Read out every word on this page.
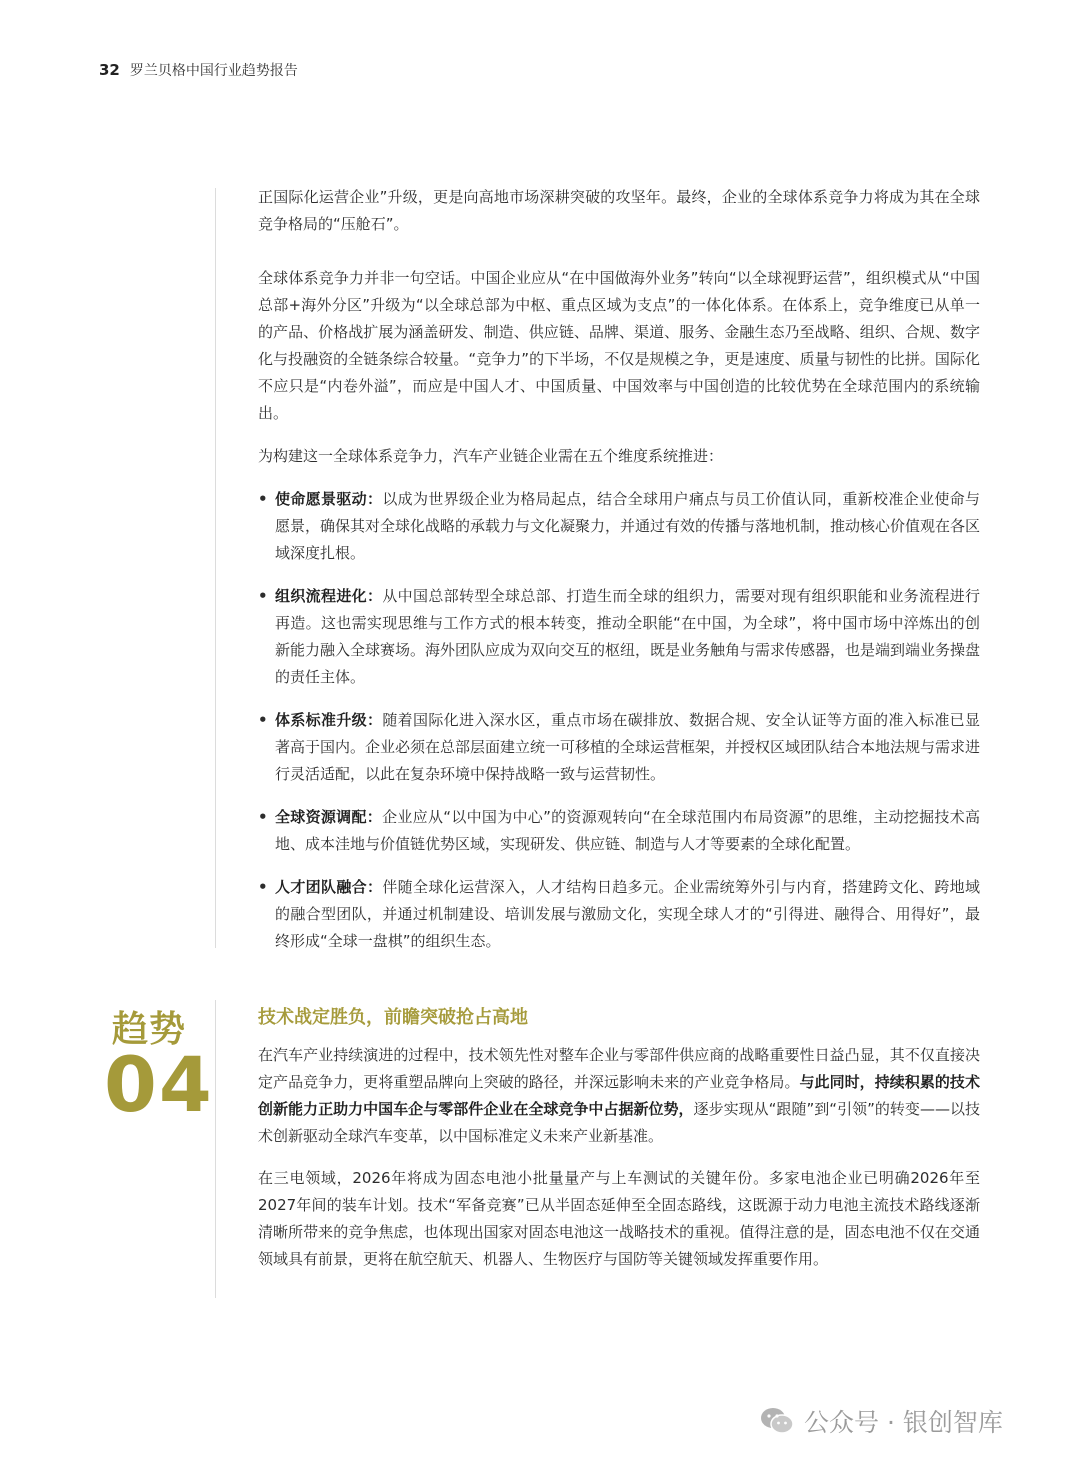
32 罗兰贝格中国行业趋势报告

正国际化运营企业”升级，更是向高地市场深耕突破的攻坚年。最终，企业的全球体系竞争力将成为其在全球竞争格局的“压舱石”。

全球体系竞争力并非一句空话。中国企业应从“在中国做海外业务”转向“以全球视野运营”，组织模式从“中国总部+海外分区”升级为“以全球总部为中枢、重点区域为支点”的一体化体系。在体系上，竞争维度已从单一的产品、价格战扩展为涵盖研发、制造、供应链、品牌、渠道、服务、金融生态乃至战略、组织、合规、数字化与投融资的全链条综合较量。“竞争力”的下半场，不仅是规模之争，更是速度、质量与韧性的比拼。国际化不应只是“内卷外溢”，而应是中国人才、中国质量、中国效率与中国创造的比较优势在全球范围内的系统输出。

为构建这一全球体系竞争力，汽车产业链企业需在五个维度系统推进：

• 使命愿景驱动：以成为世界级企业为格局起点，结合全球用户痛点与员工价值认同，重新校准企业使命与愿景，确保其对全球化战略的承载力与文化凝聚力，并通过有效的传播与落地机制，推动核心价值观在各区域深度扎根。
• 组织流程进化：从中国总部转型全球总部、打造生而全球的组织力，需要对现有组织职能和业务流程进行再造。这也需实现思维与工作方式的根本转变，推动全职能“在中国，为全球”，将中国市场中淬炼出的创新能力融入全球赛场。海外团队应成为双向交互的枢纽，既是业务触角与需求传感器，也是端到端业务操盘的责任主体。
• 体系标准升级：随着国际化进入深水区，重点市场在碳排放、数据合规、安全认证等方面的准入标准已显著高于国内。企业必须在总部层面建立统一可移植的全球运营框架，并授权区域团队结合本地法规与需求进行灵活适配，以此在复杂环境中保持战略一致与运营韧性。
• 全球资源调配：企业应从“以中国为中心”的资源观转向“在全球范围内布局资源”的思维，主动挖掘技术高地、成本洼地与价值链优势区域，实现研发、供应链、制造与人才等要素的全球化配置。
• 人才团队融合：伴随全球化运营深入，人才结构日趋多元。企业需统筹外引与内育，搭建跨文化、跨地域的融合型团队，并通过机制建设、培训发展与激励文化，实现全球人才的“引得进、融得合、用得好”，最终形成“全球一盘棋”的组织生态。
趋势
04
技术战定胜负，前瞻突破抢占高地

在汽车产业持续演进的过程中，技术领先性对整车企业与零部件供应商的战略重要性日益凸显，其不仅直接决定产品竞争力，更将重塑品牌向上突破的路径，并深远影响未来的产业竞争格局。与此同时，持续积累的技术创新能力正助力中国车企与零部件企业在全球竞争中占据新位势，逐步实现从“跟随”到“引领”的转变——以技术创新驱动全球汽车变革，以中国标准定义未来产业新基准。

在三电领域，2026年将成为固态电池小批量量产与上车测试的关键年份。多家电池企业已明确2026年至2027年间的装车计划。技术“军备竞赛”已从半固态延伸至全固态路线，这既源于动力电池主流技术路线逐渐清晰所带来的竞争焦虑，也体现出国家对固态电池这一战略技术的重视。值得注意的是，固态电池不仅在交通领域具有前景，更将在航空航天、机器人、生物医疗与国防等关键领域发挥重要作用。

公众号 · 银创智库
